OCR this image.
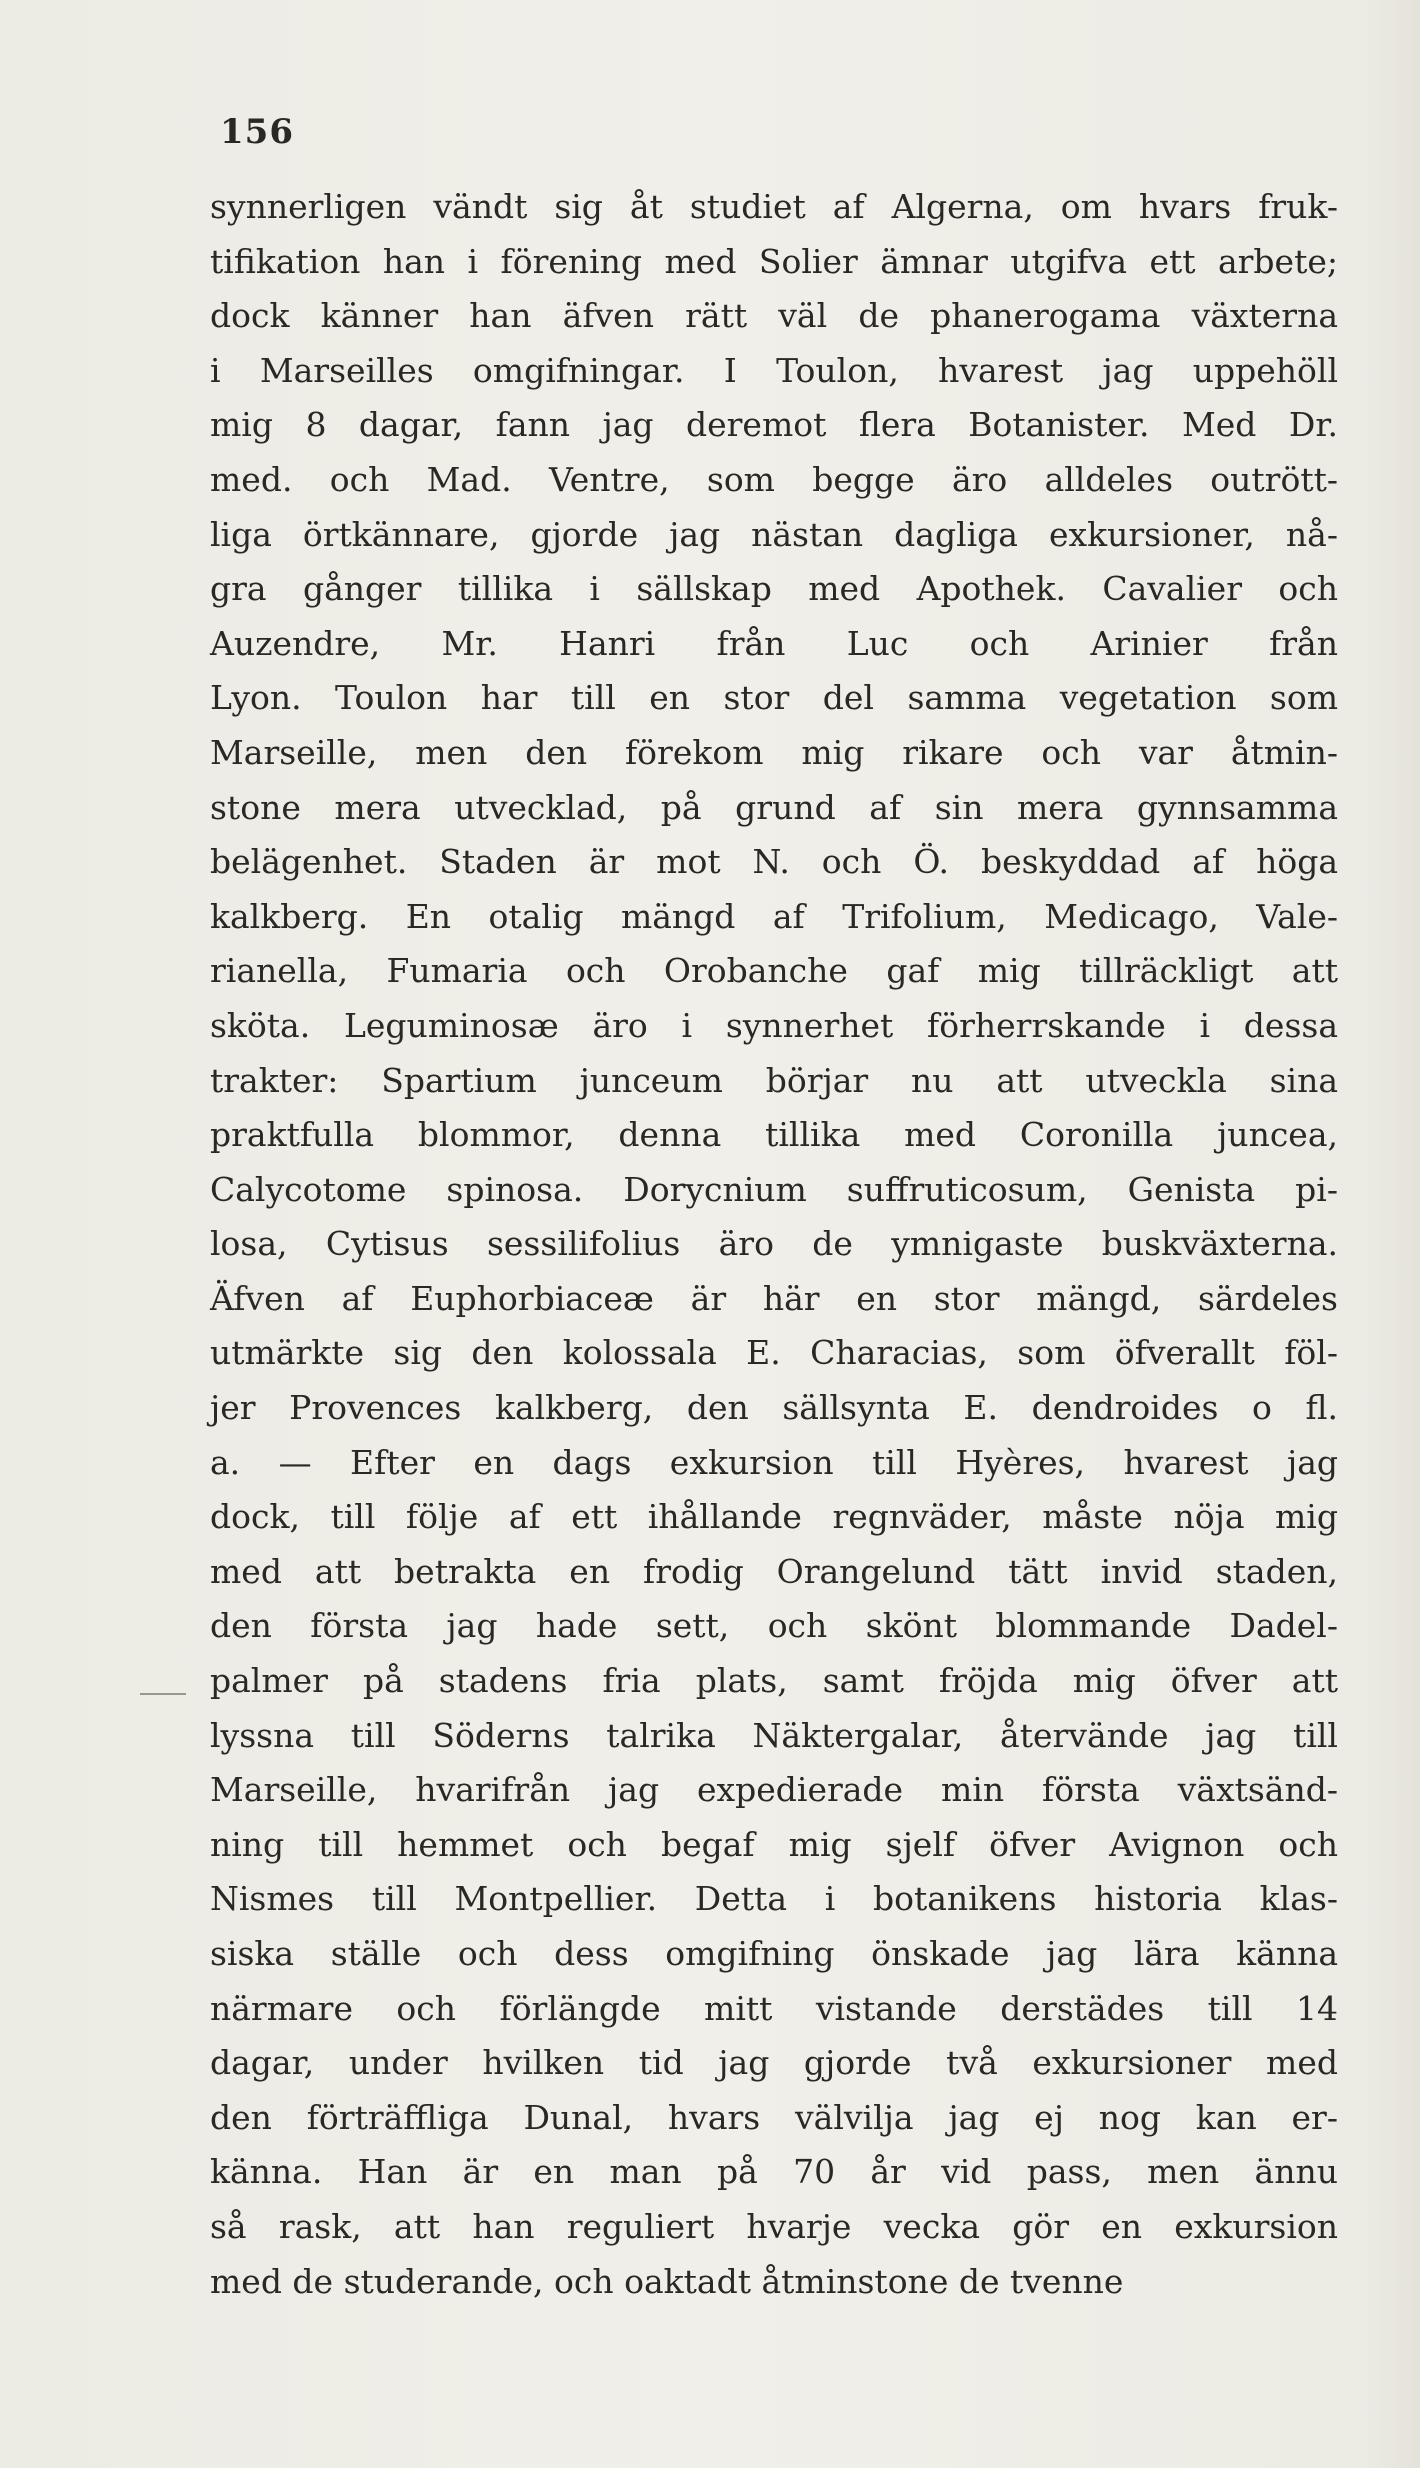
156
synnerligen vändt sig åt studiet af Algerna, om hvars fruk-
tifikation han i förening med Solier ämnar utgifva ett arbete;
dock känner han äfven rätt väl de phanerogama växterna
i Marseilles omgifningar. I Toulon, hvarest jag uppehöll
mig 8 dagar, fann jag deremot flera Botanister. Med Dr.
med. och Mad. Ventre, som begge äro alldeles outrött-
liga örtkännare, gjorde jag nästan dagliga exkursioner, nå-
gra gånger tillika i sällskap med Apothek. Cavalier och
Auzendre, Mr. Hanri från Luc och Arinier från
Lyon. Toulon har till en stor del samma vegetation som
Marseille, men den förekom mig rikare och var åtmin-
stone mera utvecklad, på grund af sin mera gynnsamma
belägenhet. Staden är mot N. och Ö. beskyddad af höga
kalkberg. En otalig mängd af Trifolium, Medicago, Vale-
rianella, Fumaria och Orobanche gaf mig tillräckligt att
sköta. Leguminosæ äro i synnerhet förherrskande i dessa
trakter: Spartium junceum börjar nu att utveckla sina
praktfulla blommor, denna tillika med Coronilla juncea,
Calycotome spinosa. Dorycnium suffruticosum, Genista pi-
losa, Cytisus sessilifolius äro de ymnigaste buskväxterna.
Äfven af Euphorbiaceæ är här en stor mängd, särdeles
utmärkte sig den kolossala E. Characias, som öfverallt föl-
jer Provences kalkberg, den sällsynta E. dendroides o fl.
a. — Efter en dags exkursion till Hyères, hvarest jag
dock, till följe af ett ihållande regnväder, måste nöja mig
med att betrakta en frodig Orangelund tätt invid staden,
den första jag hade sett, och skönt blommande Dadel-
palmer på stadens fria plats, samt fröjda mig öfver att
lyssna till Söderns talrika Näktergalar, återvände jag till
Marseille, hvarifrån jag expedierade min första växtsänd-
ning till hemmet och begaf mig sjelf öfver Avignon och
Nismes till Montpellier. Detta i botanikens historia klas-
siska ställe och dess omgifning önskade jag lära känna
närmare och förlängde mitt vistande derstädes till 14
dagar, under hvilken tid jag gjorde två exkursioner med
den förträffliga Dunal, hvars välvilja jag ej nog kan er-
känna. Han är en man på 70 år vid pass, men ännu
så rask, att han reguliert hvarje vecka gör en exkursion
med de studerande, och oaktadt åtminstone de tvenne
